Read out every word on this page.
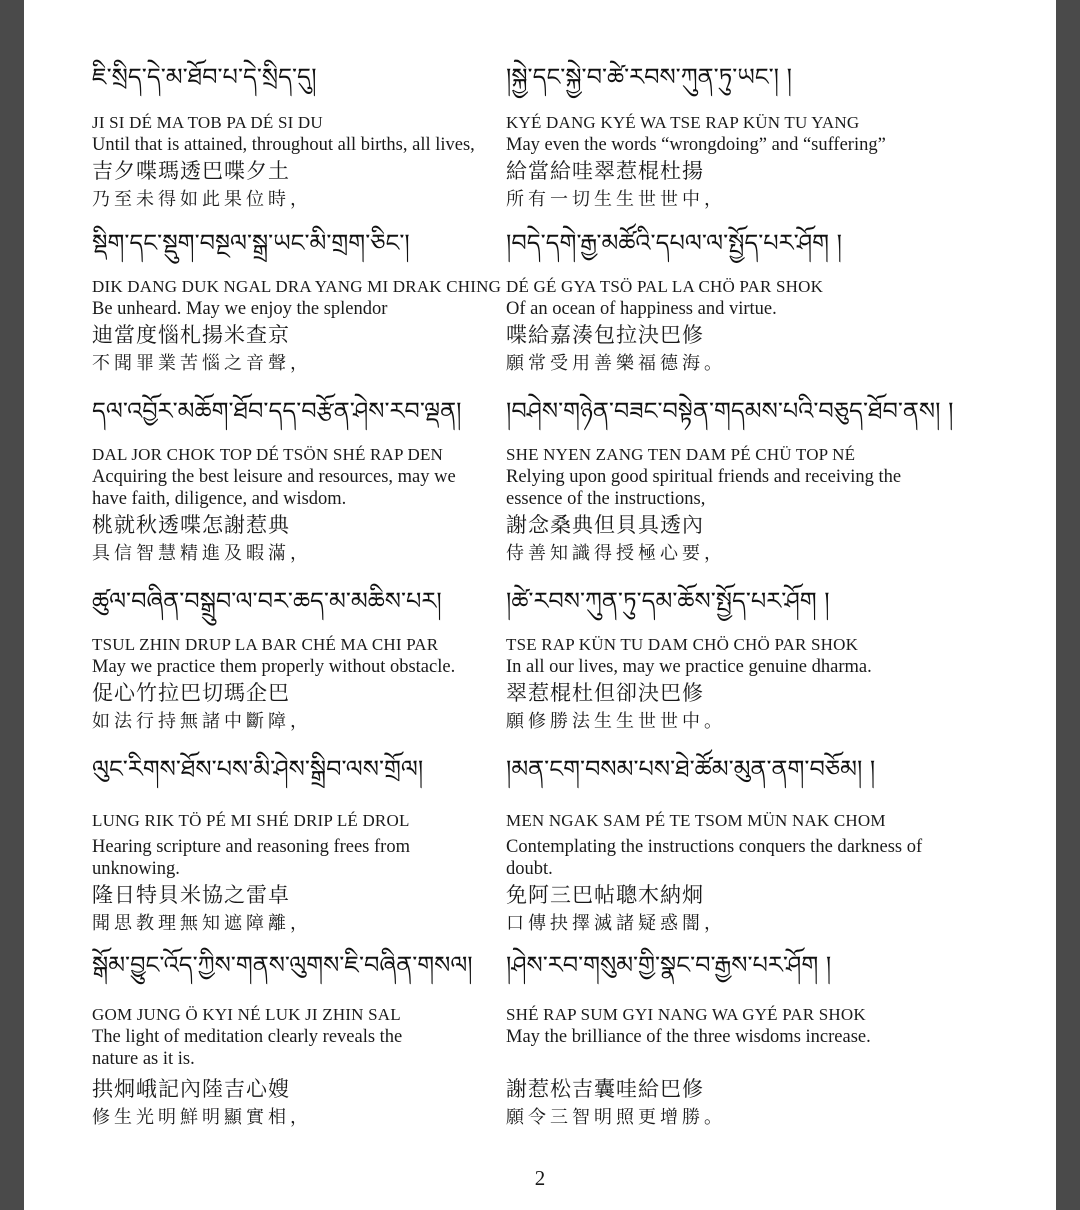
ཇི་སྲིད་དེ་མ་ཐོབ་པ་དེ་སྲིད་དུ།
JI SI DÉ MA TOB PA DÉ SI DU
Until that is attained, throughout all births, all lives,
吉夕喋瑪透巴喋夕土
乃至未得如此果位時，
སྡིག་དང་སྡུག་བསྔལ་སྒྲ་ཡང་མི་གྲག་ཅིང་།
DIK DANG DUK NGAL DRA YANG MI DRAK CHING
Be unheard. May we enjoy the splendor
迪當度惱札揚米查京
不聞罪業苦惱之音聲，
དལ་འབྱོར་མཆོག་ཐོབ་དད་བརྩོན་ཤེས་རབ་ལྡན།
DAL JOR CHOK TOP DÉ TSÖN SHÉ RAP DEN
Acquiring the best leisure and resources, may we have faith, diligence, and wisdom.
桃就秋透喋怎謝惹典
具信智慧精進及暇滿，
ཚུལ་བཞིན་བསྒྲུབ་ལ་བར་ཆད་མ་མཆིས་པར།
TSUL ZHIN DRUP LA BAR CHÉ MA CHI PAR
May we practice them properly without obstacle.
促心竹拉巴切瑪企巴
如法行持無諸中斷障，
ལུང་རིགས་ཐོས་པས་མི་ཤེས་སྒྲིབ་ལས་གྲོལ།
LUNG RIK TÖ PÉ MI SHÉ DRIP LÉ DROL
Hearing scripture and reasoning frees from unknowing.
隆日特貝米協之雷卓
聞思教理無知遮障離，
སྒོམ་བྱུང་འོད་ཀྱིས་གནས་ལུགས་ཇི་བཞིན་གསལ།
GOM JUNG Ö KYI NÉ LUK JI ZHIN SAL
The light of meditation clearly reveals the nature as it is.
拱炯峨記內陸吉心嫂
修生光明鮮明顯實相，
།སྐྱེ་དང་སྐྱེ་བ་ཚེ་རབས་ཀུན་ཏུ་ཡང་། །
KYÉ DANG KYÉ WA TSE RAP KÜN TU YANG
May even the words “wrongdoing” and “suffering”
給當給哇翠惹棍杜揚
所有一切生生世世中，
།བདེ་དགེ་རྒྱ་མཚོའི་དཔལ་ལ་སྤྱོད་པར་ཤོག །
DÉ GÉ GYA TSÖ PAL LA CHÖ PAR SHOK
Of an ocean of happiness and virtue.
喋給嘉湊包拉決巴修
願常受用善樂福德海。
།བཤེས་གཉེན་བཟང་བསྟེན་གདམས་པའི་བཅུད་ཐོབ་ནས། །
SHE NYEN ZANG TEN DAM PÉ CHÜ TOP NÉ
Relying upon good spiritual friends and receiving the essence of the instructions,
謝念桑典但貝具透內
侍善知識得授極心要，
།ཚེ་རབས་ཀུན་ཏུ་དམ་ཆོས་སྤྱོད་པར་ཤོག །
TSE RAP KÜN TU DAM CHÖ CHÖ PAR SHOK
In all our lives, may we practice genuine dharma.
翠惹棍杜但卻決巴修
願修勝法生生世世中。
།མན་ངག་བསམ་པས་ཐེ་ཚོམ་མུན་ནག་བཅོམ། །
MEN NGAK SAM PÉ TE TSOM MÜN NAK CHOM
Contemplating the instructions conquers the darkness of doubt.
免阿三巴帖聰木納炯
口傳抉擇滅諸疑惑闇，
།ཤེས་རབ་གསུམ་གྱི་སྣང་བ་རྒྱས་པར་ཤོག །
SHÉ RAP SUM GYI NANG WA GYÉ PAR SHOK
May the brilliance of the three wisdoms increase.
謝惹松吉囊哇給巴修
願令三智明照更增勝。
2
